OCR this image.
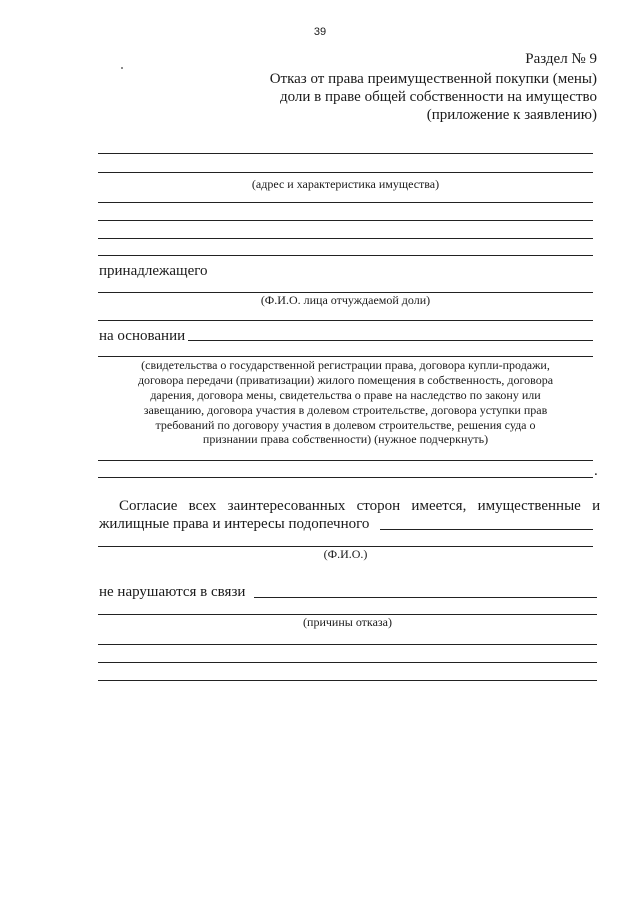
39
Раздел № 9
Отказ от права преимущественной покупки (мены)
доли в праве общей собственности на имущество
(приложение к заявлению)
(адрес и характеристика имущества)
принадлежащего
(Ф.И.О. лица отчуждаемой доли)
на основании
(свидетельства о государственной регистрации права, договора купли-продажи,
договора передачи (приватизации) жилого помещения в собственность, договора
дарения, договора мены, свидетельства о праве на наследство по закону или
завещанию, договора участия в долевом строительстве, договора уступки прав
требований по договору участия в долевом строительстве, решения суда о
признании права собственности) (нужное подчеркнуть)
.
Согласие   всех   заинтересованных   сторон   имеется,   имущественные   и
жилищные права и интересы подопечного
(Ф.И.О.)
не нарушаются в связи
(причины отказа)
